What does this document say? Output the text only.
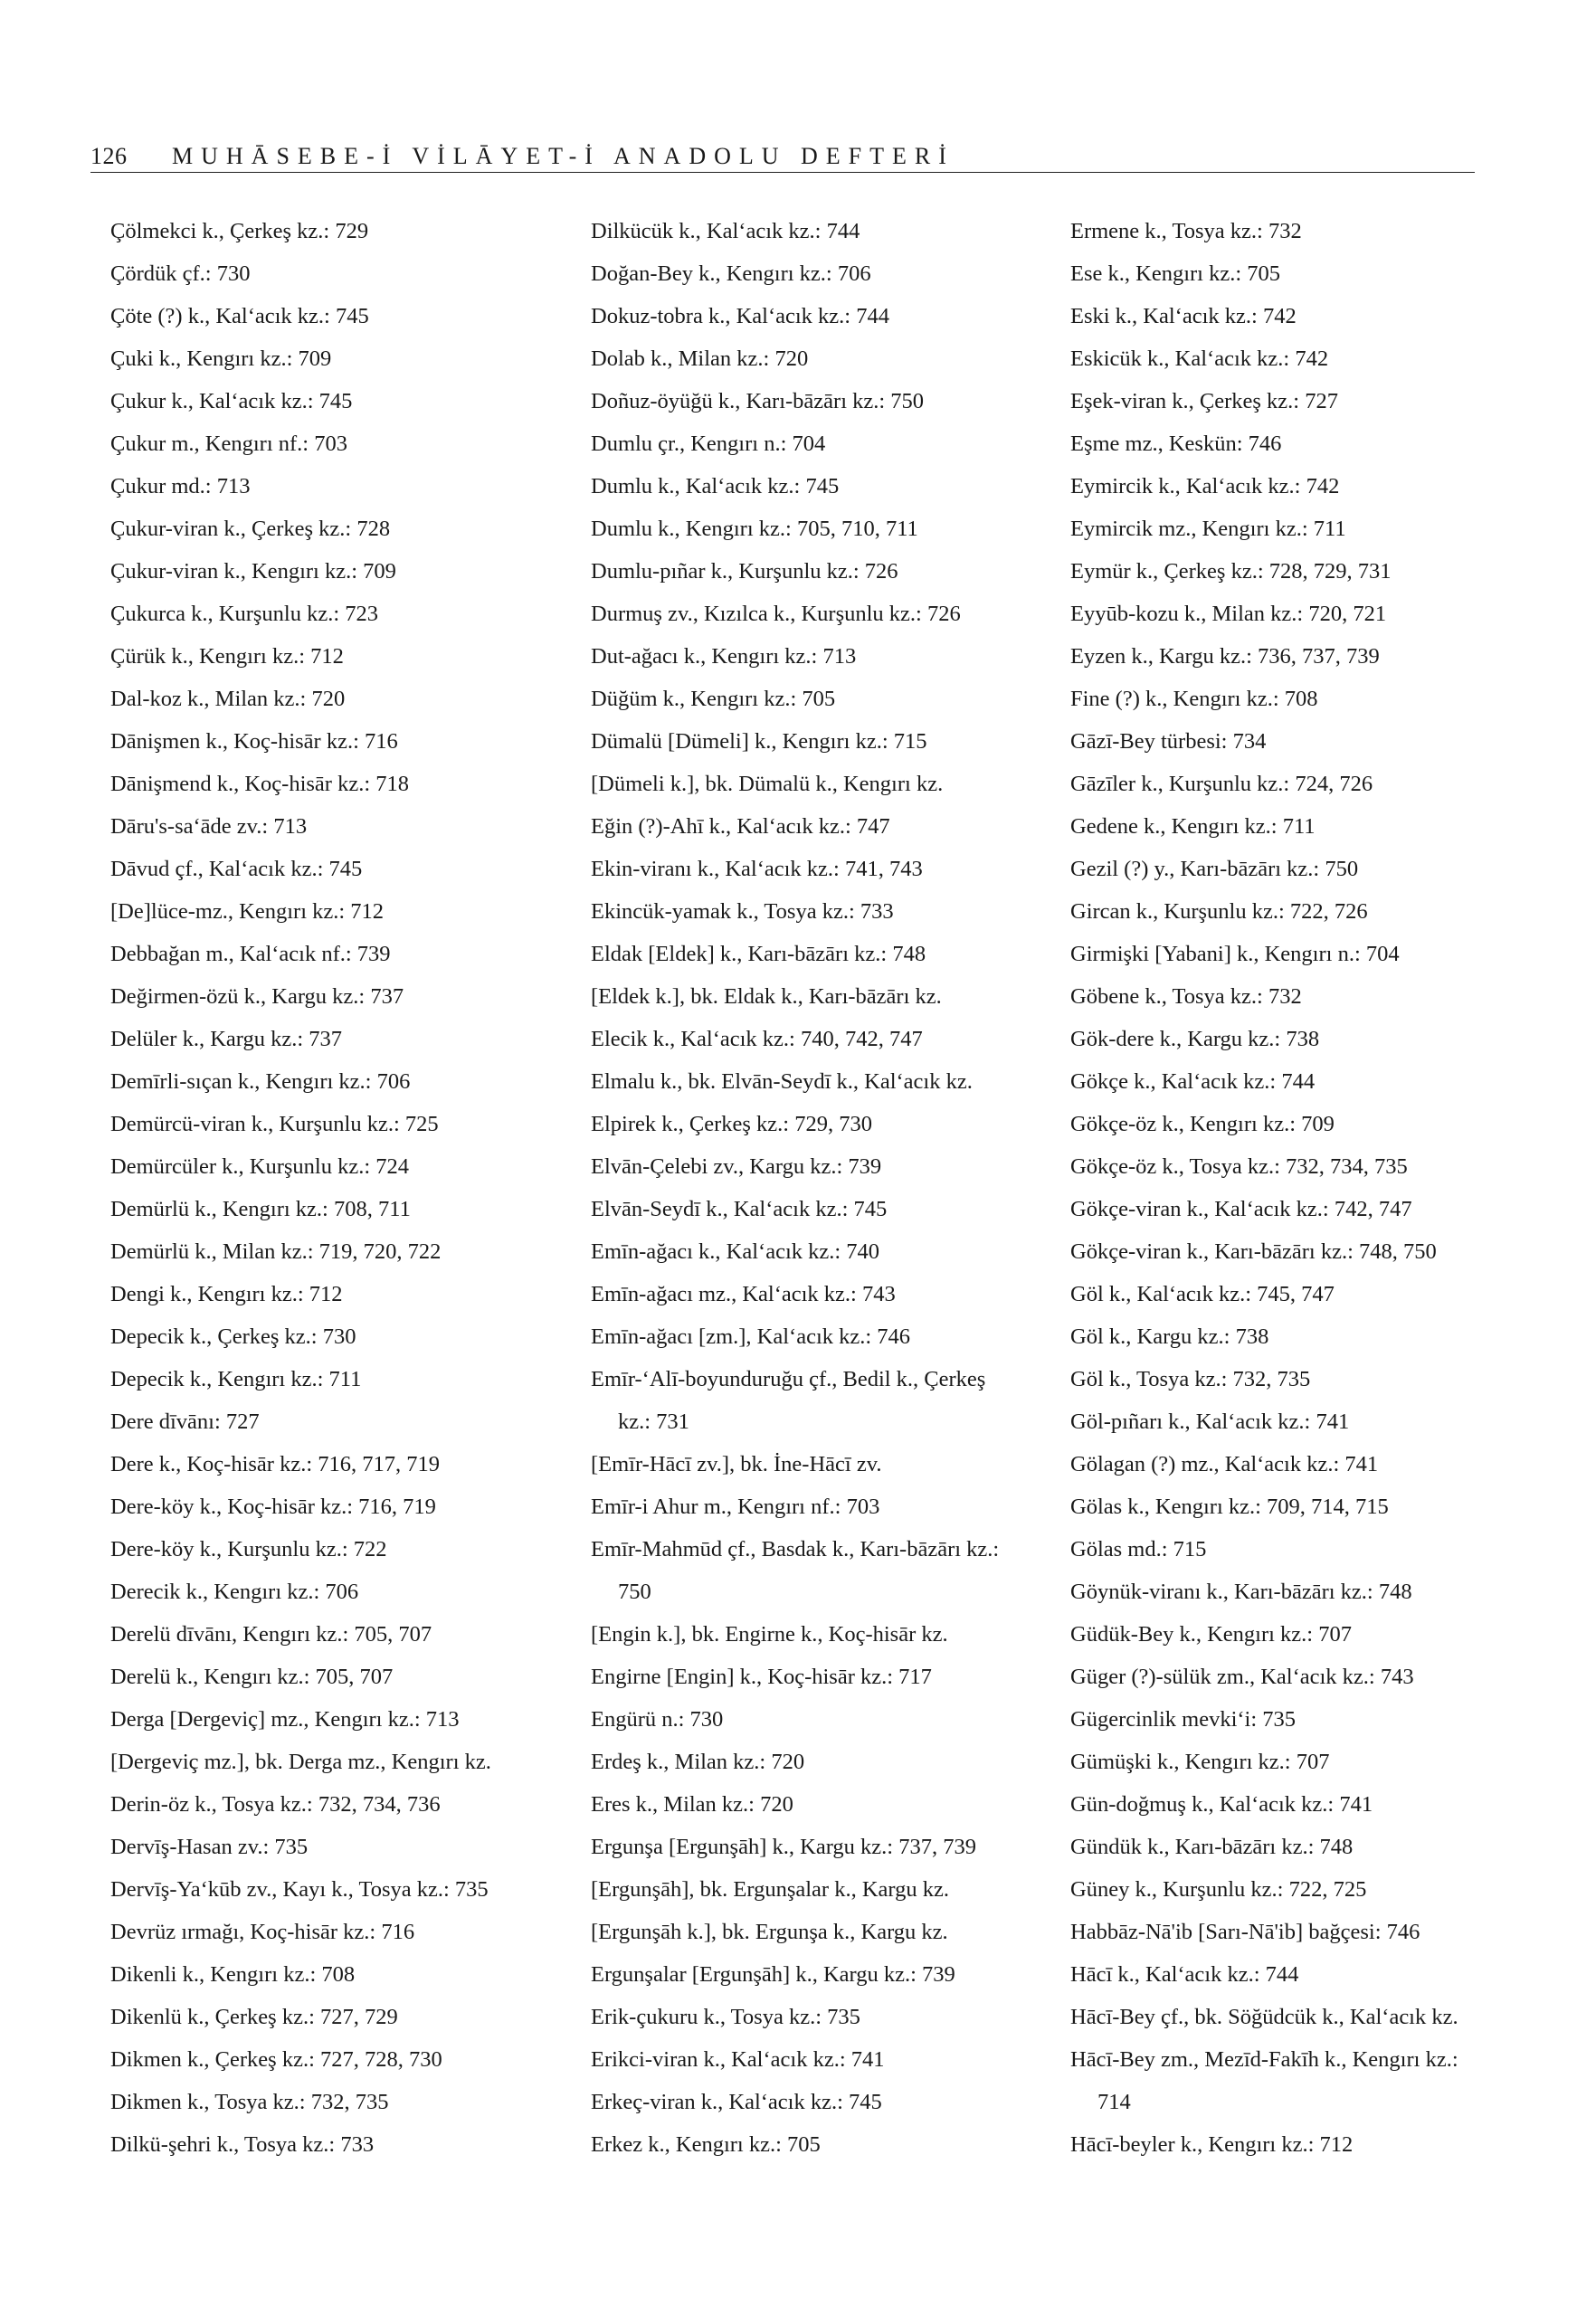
126 MUHĀSEBE-İ VİLĀYET-İ ANADOLU DEFTERİ
Çölmekci k., Çerkeş kz.: 729
Çördük çf.: 730
Çöte (?) k., Kal‘acık kz.: 745
Çuki k., Kengırı kz.: 709
Çukur k., Kal‘acık kz.: 745
Çukur m., Kengırı nf.: 703
Çukur md.: 713
Çukur-viran k., Çerkeş kz.: 728
Çukur-viran k., Kengırı kz.: 709
Çukurca k., Kurşunlu kz.: 723
Çürük k., Kengırı kz.: 712
Dal-koz k., Milan kz.: 720
Dānişmen k., Koç-hisār kz.: 716
Dānişmend k., Koç-hisār kz.: 718
Dāru's-sa‘āde zv.: 713
Dāvud çf., Kal‘acık kz.: 745
[De]lüce-mz., Kengırı kz.: 712
Debbağan m., Kal‘acık nf.: 739
Değirmen-özü k., Kargu kz.: 737
Delüler k., Kargu kz.: 737
Demīrli-sıçan k., Kengırı kz.: 706
Demürcü-viran k., Kurşunlu kz.: 725
Demürcüler k., Kurşunlu kz.: 724
Demürlü k., Kengırı kz.: 708, 711
Demürlü k., Milan kz.: 719, 720, 722
Dengi k., Kengırı kz.: 712
Depecik k., Çerkeş kz.: 730
Depecik k., Kengırı kz.: 711
Dere dīvānı: 727
Dere k., Koç-hisār kz.: 716, 717, 719
Dere-köy k., Koç-hisār kz.: 716, 719
Dere-köy k., Kurşunlu kz.: 722
Derecik k., Kengırı kz.: 706
Derelü dīvānı, Kengırı kz.: 705, 707
Derelü k., Kengırı kz.: 705, 707
Derga [Dergeviç] mz., Kengırı kz.: 713
[Dergeviç mz.], bk. Derga mz., Kengırı kz.
Derin-öz k., Tosya kz.: 732, 734, 736
Dervīş-Hasan zv.: 735
Dervīş-Ya‘kūb zv., Kayı k., Tosya kz.: 735
Devrüz ırmağı, Koç-hisār kz.: 716
Dikenli k., Kengırı kz.: 708
Dikenlü k., Çerkeş kz.: 727, 729
Dikmen k., Çerkeş kz.: 727, 728, 730
Dikmen k., Tosya kz.: 732, 735
Dilkü-şehri k., Tosya kz.: 733
Dilkücük k., Kal‘acık kz.: 744
Doğan-Bey k., Kengırı kz.: 706
Dokuz-tobra k., Kal‘acık kz.: 744
Dolab k., Milan kz.: 720
Doñuz-öyüğü k., Karı-bāzārı kz.: 750
Dumlu çr., Kengırı n.: 704
Dumlu k., Kal‘acık kz.: 745
Dumlu k., Kengırı kz.: 705, 710, 711
Dumlu-pıñar k., Kurşunlu kz.: 726
Durmuş zv., Kızılca k., Kurşunlu kz.: 726
Dut-ağacı k., Kengırı kz.: 713
Düğüm k., Kengırı kz.: 705
Dümalü [Dümeli] k., Kengırı kz.: 715
[Dümeli k.], bk. Dümalü k., Kengırı kz.
Eğin (?)-Ahī k., Kal‘acık kz.: 747
Ekin-viranı k., Kal‘acık kz.: 741, 743
Ekincük-yamak k., Tosya kz.: 733
Eldak [Eldek] k., Karı-bāzārı kz.: 748
[Eldek k.], bk. Eldak k., Karı-bāzārı kz.
Elecik k., Kal‘acık kz.: 740, 742, 747
Elmalu k., bk. Elvān-Seydī k., Kal‘acık kz.
Elpirek k., Çerkeş kz.: 729, 730
Elvān-Çelebi zv., Kargu kz.: 739
Elvān-Seydī k., Kal‘acık kz.: 745
Emīn-ağacı k., Kal‘acık kz.: 740
Emīn-ağacı mz., Kal‘acık kz.: 743
Emīn-ağacı [zm.], Kal‘acık kz.: 746
Emīr-‘Alī-boyunduruğu çf., Bedil k., Çerkeş
kz.: 731
[Emīr-Hācī zv.], bk. İne-Hācī zv.
Emīr-i Ahur m., Kengırı nf.: 703
Emīr-Mahmūd çf., Basdak k., Karı-bāzārı kz.:
750
[Engin k.], bk. Engirne k., Koç-hisār kz.
Engirne [Engin] k., Koç-hisār kz.: 717
Engürü n.: 730
Erdeş k., Milan kz.: 720
Eres k., Milan kz.: 720
Ergunşa [Ergunşāh] k., Kargu kz.: 737, 739
[Ergunşāh], bk. Ergunşalar k., Kargu kz.
[Ergunşāh k.], bk. Ergunşa k., Kargu kz.
Ergunşalar [Ergunşāh] k., Kargu kz.: 739
Erik-çukuru k., Tosya kz.: 735
Erikci-viran k., Kal‘acık kz.: 741
Erkeç-viran k., Kal‘acık kz.: 745
Erkez k., Kengırı kz.: 705
Ermene k., Tosya kz.: 732
Ese k., Kengırı kz.: 705
Eski k., Kal‘acık kz.: 742
Eskicük k., Kal‘acık kz.: 742
Eşek-viran k., Çerkeş kz.: 727
Eşme mz., Keskün: 746
Eymircik k., Kal‘acık kz.: 742
Eymircik mz., Kengırı kz.: 711
Eymür k., Çerkeş kz.: 728, 729, 731
Eyyūb-kozu k., Milan kz.: 720, 721
Eyzen k., Kargu kz.: 736, 737, 739
Fine (?) k., Kengırı kz.: 708
Gāzī-Bey türbesi: 734
Gāzīler k., Kurşunlu kz.: 724, 726
Gedene k., Kengırı kz.: 711
Gezil (?) y., Karı-bāzārı kz.: 750
Gircan k., Kurşunlu kz.: 722, 726
Girmişki [Yabani] k., Kengırı n.: 704
Göbene k., Tosya kz.: 732
Gök-dere k., Kargu kz.: 738
Gökçe k., Kal‘acık kz.: 744
Gökçe-öz k., Kengırı kz.: 709
Gökçe-öz k., Tosya kz.: 732, 734, 735
Gökçe-viran k., Kal‘acık kz.: 742, 747
Gökçe-viran k., Karı-bāzārı kz.: 748, 750
Göl k., Kal‘acık kz.: 745, 747
Göl k., Kargu kz.: 738
Göl k., Tosya kz.: 732, 735
Göl-pıñarı k., Kal‘acık kz.: 741
Gölagan (?) mz., Kal‘acık kz.: 741
Gölas k., Kengırı kz.: 709, 714, 715
Gölas md.: 715
Göynük-viranı k., Karı-bāzārı kz.: 748
Güdük-Bey k., Kengırı kz.: 707
Güger (?)-sülük zm., Kal‘acık kz.: 743
Gügercinlik mevki‘i: 735
Gümüşki k., Kengırı kz.: 707
Gün-doğmuş k., Kal‘acık kz.: 741
Gündük k., Karı-bāzārı kz.: 748
Güney k., Kurşunlu kz.: 722, 725
Habbāz-Nā'ib [Sarı-Nā'ib] bağçesi: 746
Hācī k., Kal‘acık kz.: 744
Hācī-Bey çf., bk. Söğüdcük k., Kal‘acık kz.
Hācī-Bey zm., Mezīd-Fakīh k., Kengırı kz.:
714
Hācī-beyler k., Kengırı kz.: 712
